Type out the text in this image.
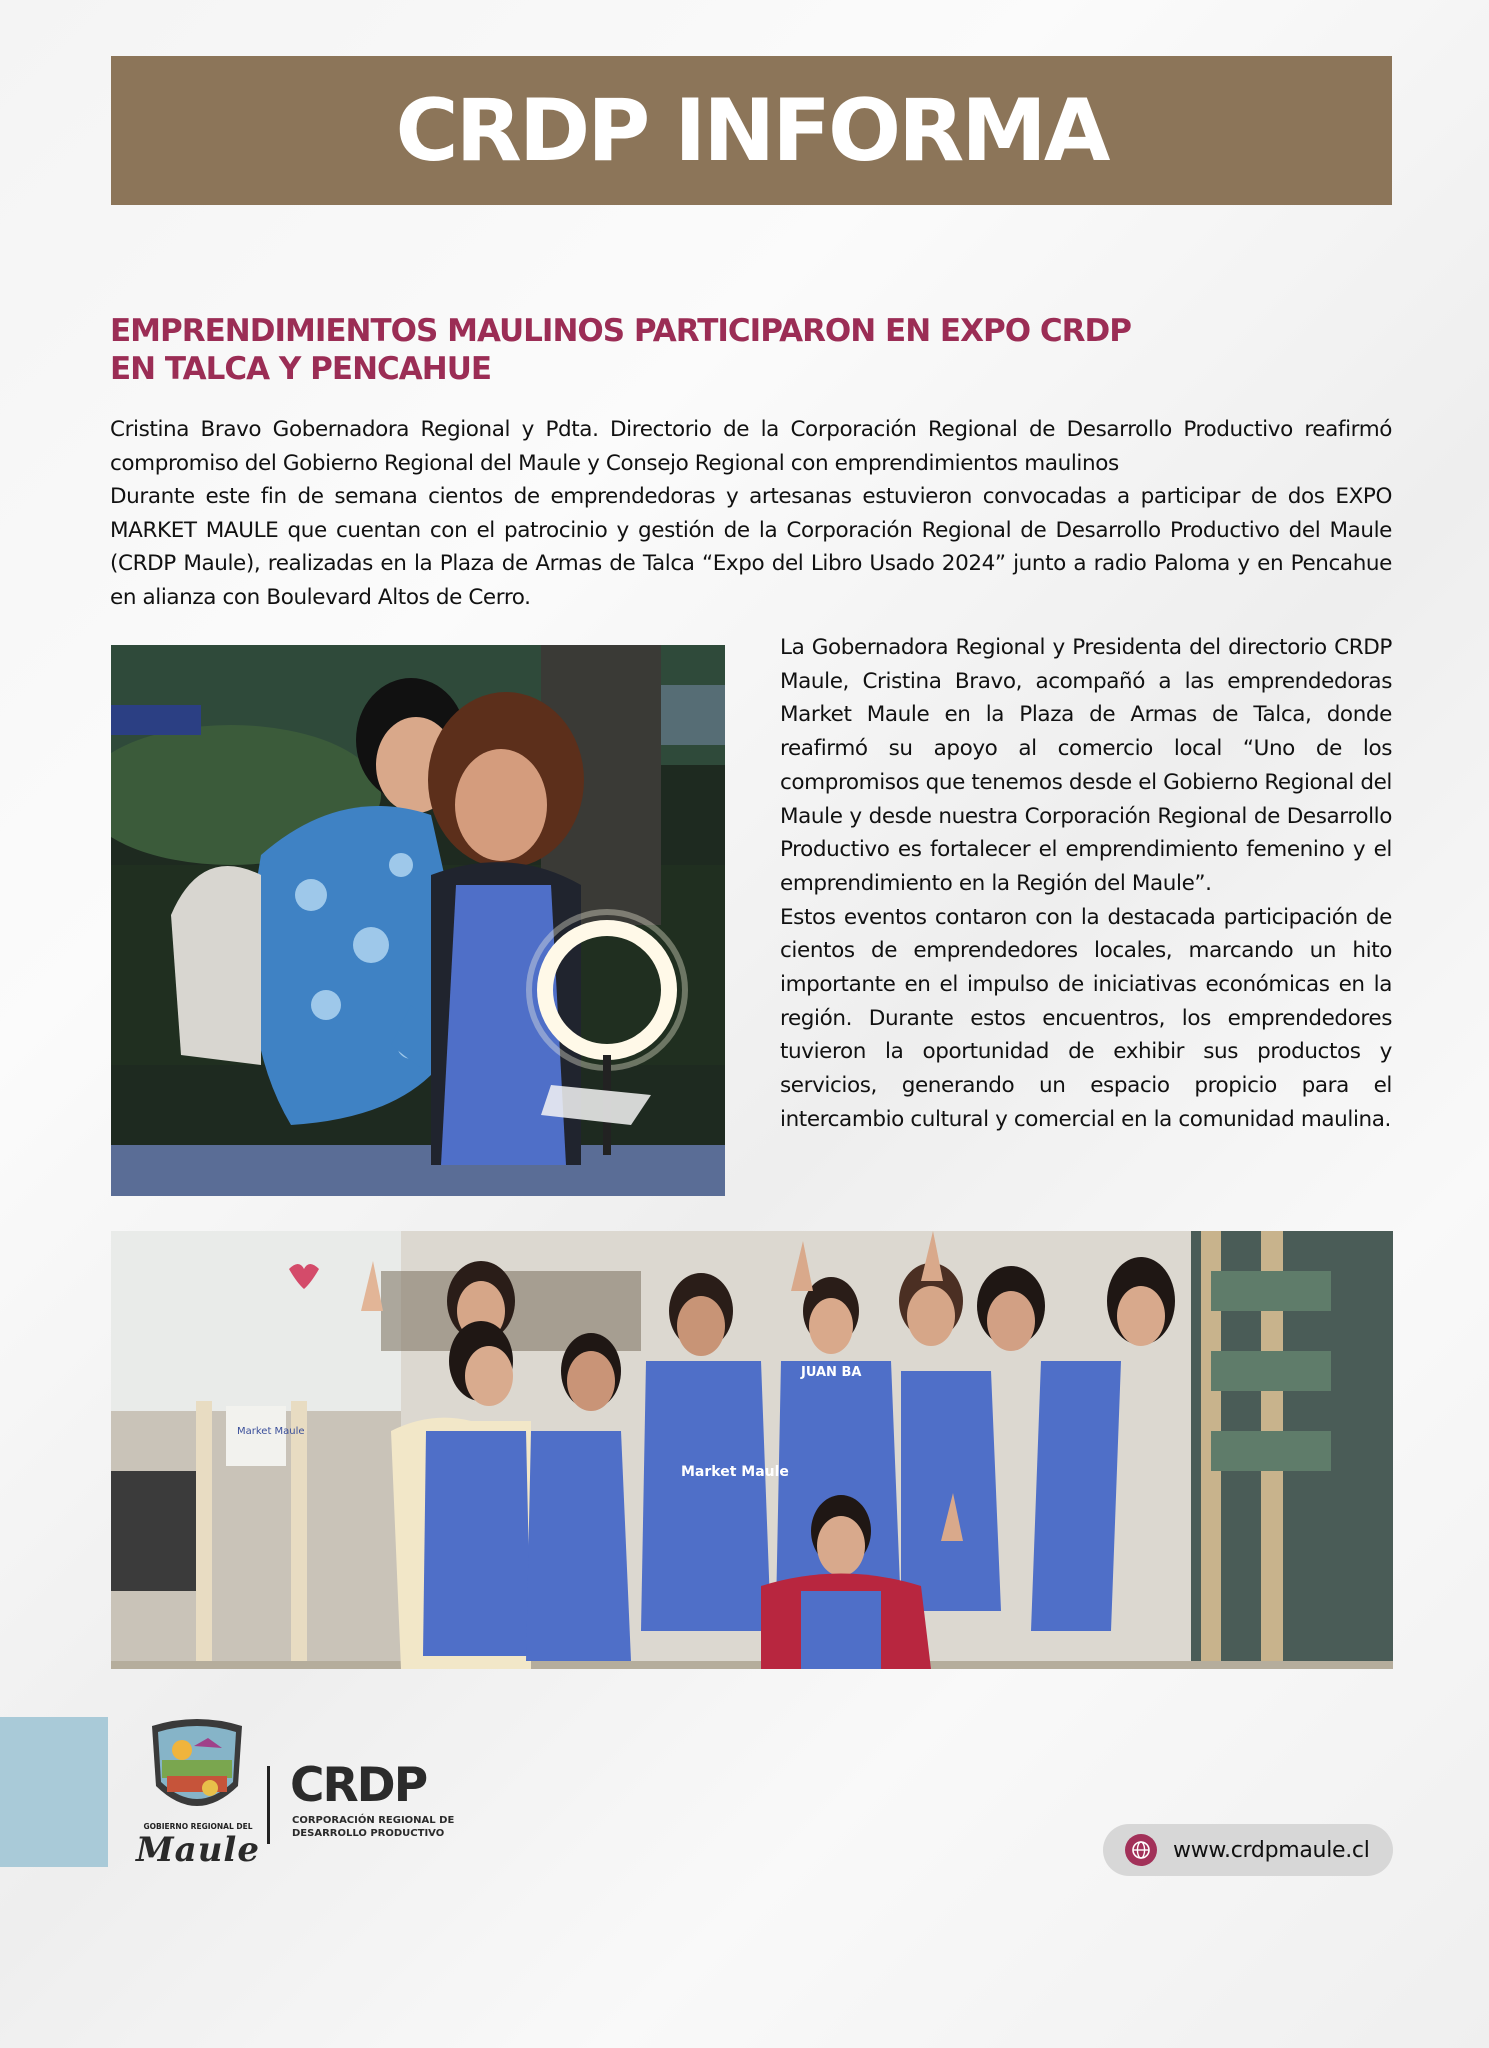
CRDP INFORMA
EMPRENDIMIENTOS MAULINOS PARTICIPARON EN EXPO CRDP
EN TALCA Y PENCAHUE

Cristina Bravo Gobernadora Regional y Pdta. Directorio de la Corporación Regional de Desarrollo Productivo reafirmó compromiso del Gobierno Regional del Maule y Consejo Regional con emprendimientos maulinos

Durante este fin de semana cientos de emprendedoras y artesanas estuvieron convocadas a participar de dos EXPO MARKET MAULE que cuentan con el patrocinio y gestión de la Corporación Regional de Desarrollo Productivo del Maule (CRDP Maule), realizadas en la Plaza de Armas de Talca “Expo del Libro Usado 2024” junto a radio Paloma y en Pencahue en alianza con Boulevard Altos de Cerro.

La Gobernadora Regional y Presidenta del directorio CRDP Maule, Cristina Bravo, acompañó a las emprendedoras Market Maule en la Plaza de Armas de Talca, donde reafirmó su apoyo al comercio local “Uno de los compromisos que tenemos desde el Gobierno Regional del Maule y desde nuestra Corporación Regional de Desarrollo Productivo es fortalecer el emprendimiento femenino y el emprendimiento en la Región del Maule”.

Estos eventos contaron con la destacada participación de cientos de emprendedores locales, marcando un hito importante en el impulso de iniciativas económicas en la región. Durante estos encuentros, los emprendedores tuvieron la oportunidad de exhibir sus productos y servicios, generando un espacio propicio para el intercambio cultural y comercial en la comunidad maulina.

Market Maule
Market Maule
JUAN BA
GOBIERNO REGIONAL DEL
Maule
CRDP
CORPORACIÓN REGIONAL DE
DESARROLLO PRODUCTIVO
www.crdpmaule.cl
